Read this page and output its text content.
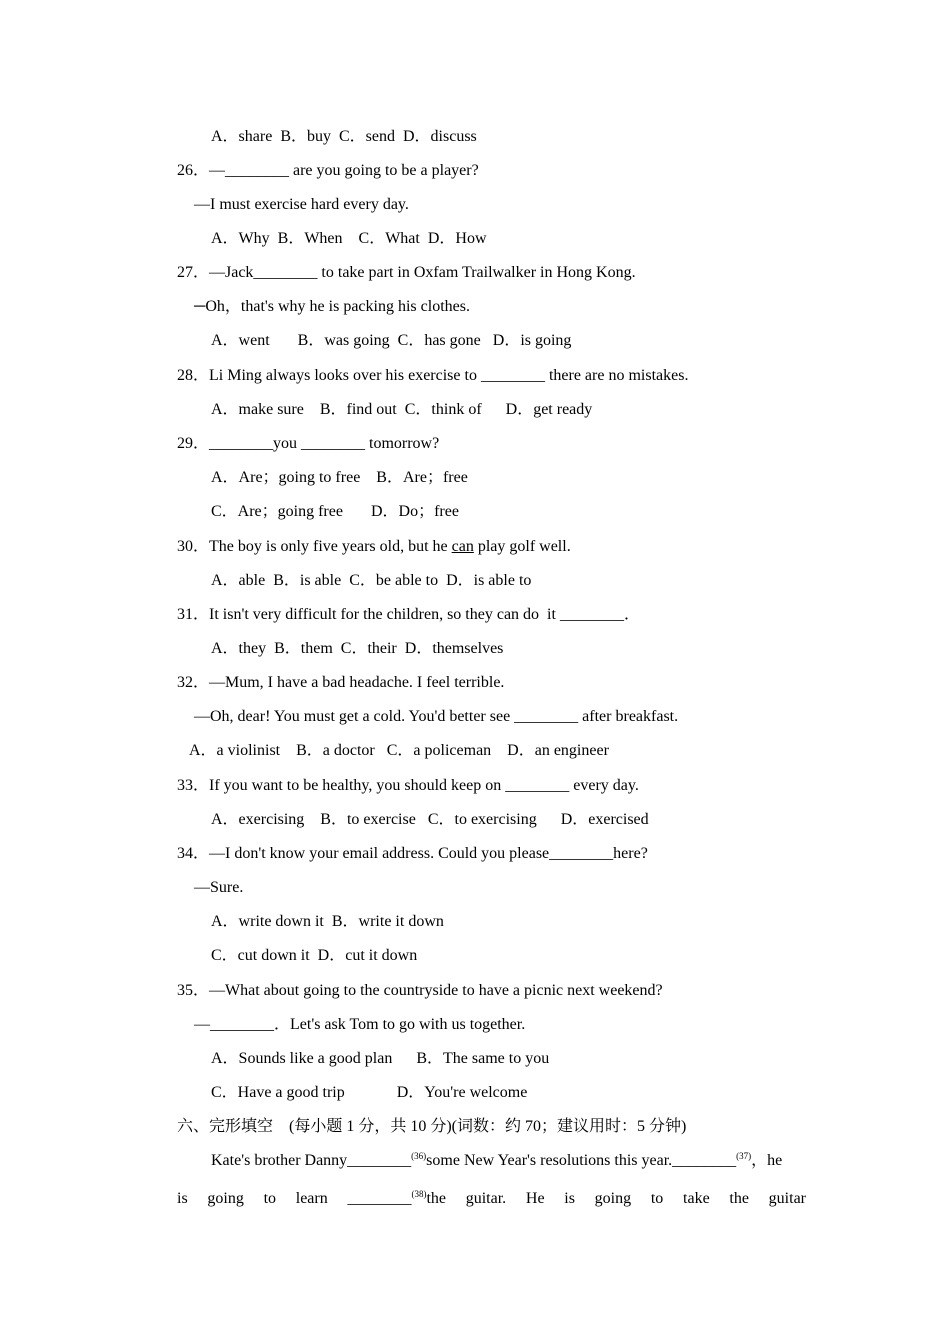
A．share  B．buy  C．send  D．discuss
26．—________ are you going to be a player?
—I must exercise hard every day.
A．Why  B．When    C．What  D．How
27．—Jack________ to take part in Oxfam Trailwalker in Hong Kong.
─Oh，that's why he is packing his clothes.
A．went       B．was going  C．has gone   D．is going
28．Li Ming always looks over his exercise to ________ there are no mistakes.
A．make sure    B．find out  C．think of      D．get ready
29．________you ________ tomorrow?
A．Are；going to free    B．Are；free
C．Are；going free       D．Do；free
30．The boy is only five years old, but he can play golf well.
A．able  B．is able  C．be able to  D．is able to
31．It isn't very difficult for the children, so they can do  it ________．
A．they  B．them  C．their  D．themselves
32．—Mum, I have a bad headache. I feel terrible.
—Oh, dear! You must get a cold. You'd better see ________ after breakfast.
A．a violinist    B．a doctor   C．a policeman    D．an engineer
33．If you want to be healthy, you should keep on ________ every day.
A．exercising    B．to exercise   C．to exercising      D．exercised
34．—I don't know your email address. Could you please________here?
—Sure.
A．write down it  B．write it down
C．cut down it  D．cut it down
35．—What about going to the countryside to have a picnic next weekend?
—________．Let's ask Tom to go with us together.
A．Sounds like a good plan      B．The same to you
C．Have a good trip             D．You're welcome
六、完形填空    (每小题 1 分，共 10 分)(词数：约 70；建议用时：5 分钟)
Kate's brother Danny________$^{(36)}$some New Year's resolutions this year.________$^{(37)}$，he
is going to learn ________$^{(38)}$the guitar. He is going to take the guitar
